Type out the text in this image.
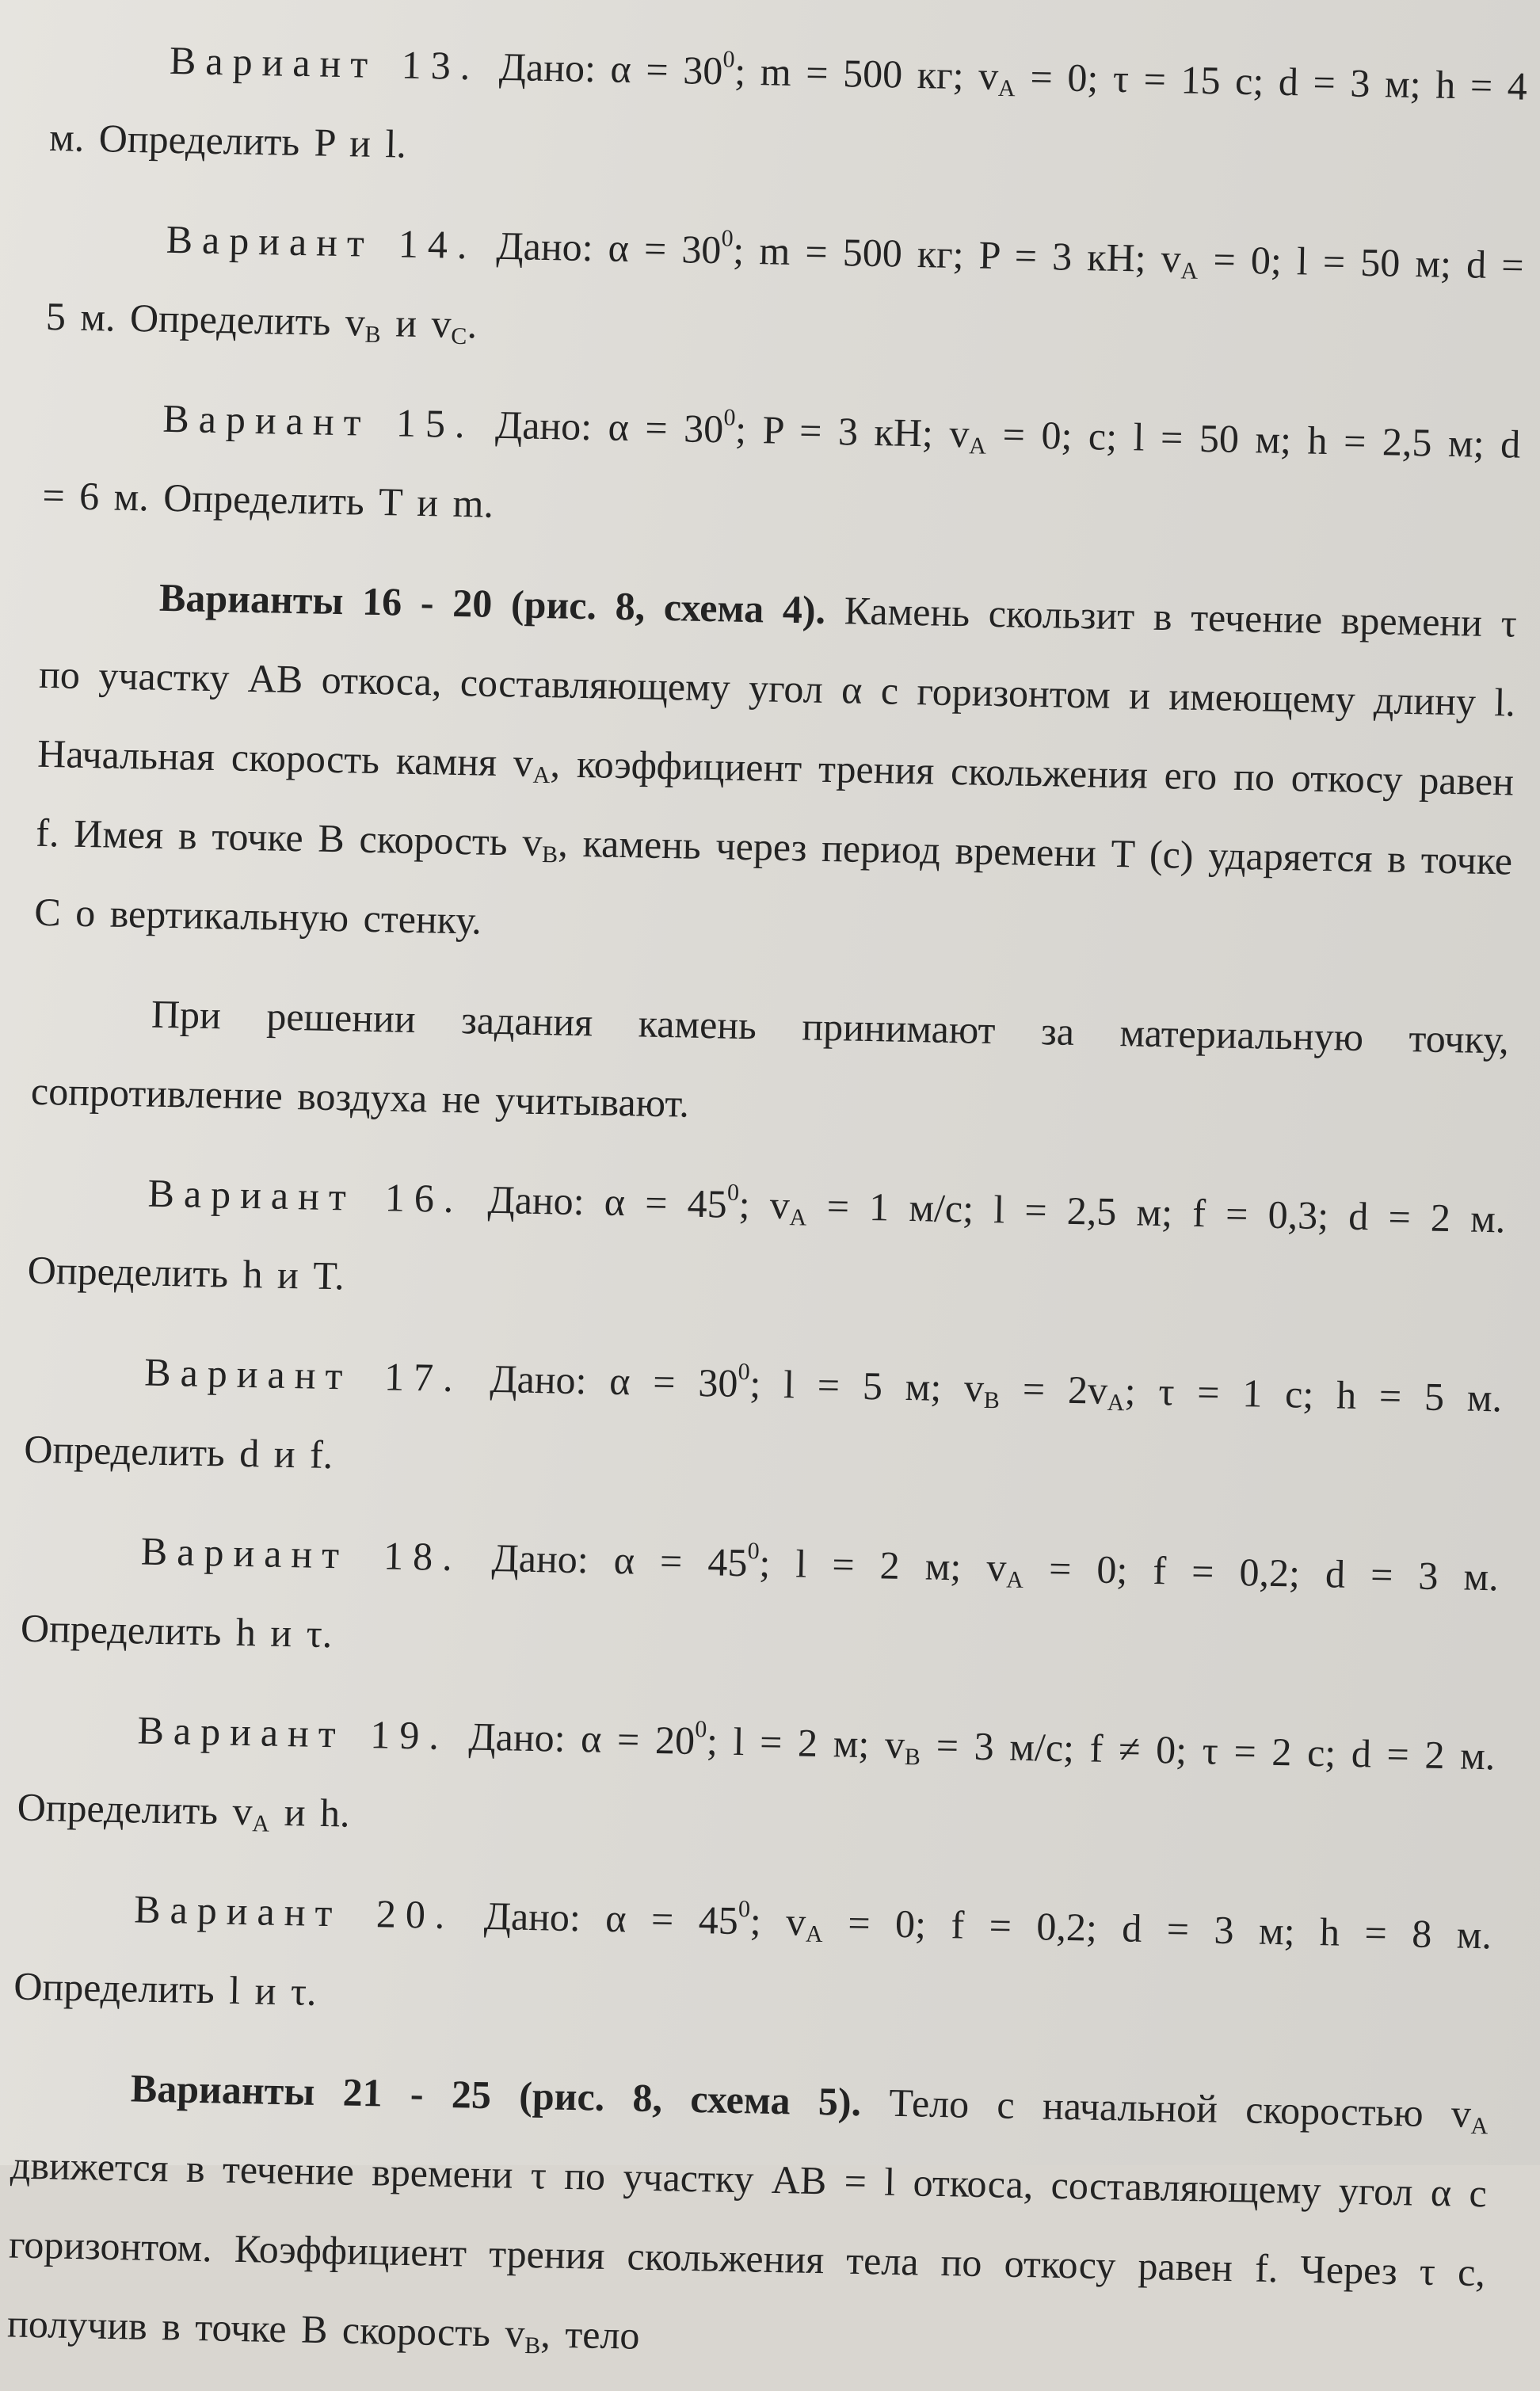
Вариант 13. Дано: $\alpha = 30^0$; m = 500 кг; $v_A = 0$; τ = 15 с; d = 3 м; h = 4 м. Определить P и l.

Вариант 14. Дано: $\alpha = 30^0$; m = 500 кг; P = 3 кН; $v_A = 0$; l = 50 м; d = 5 м. Определить $v_B$ и $v_C$.

Вариант 15. Дано: $\alpha = 30^0$; P = 3 кН; $v_A = 0$; c; l = 50 м; h = 2,5 м; d = 6 м. Определить T и m.

Варианты 16 - 20 (рис. 8, схема 4). Камень скользит в течение времени τ по участку AB откоса, составляющему угол α с горизонтом и имеющему длину l. Начальная скорость камня $v_A$, коэффициент трения скольжения его по откосу равен f. Имея в точке B скорость $v_B$, камень через период времени T (с) ударяется в точке C о вертикальную стенку.

При решении задания камень принимают за материальную точку, сопротивление воздуха не учитывают.

Вариант 16. Дано: $\alpha = 45^0$; $v_A = 1$ м/с; l = 2,5 м; f = 0,3; d = 2 м. Определить h и T.

Вариант 17. Дано: $\alpha = 30^0$; l = 5 м; $v_B = 2v_A$; τ = 1 с; h = 5 м. Определить d и f.

Вариант 18. Дано: $\alpha = 45^0$; l = 2 м; $v_A = 0$; f = 0,2; d = 3 м. Определить h и τ.

Вариант 19. Дано: $\alpha = 20^0$; l = 2 м; $v_B = 3$ м/с; f ≠ 0; τ = 2 с; d = 2 м. Определить $v_A$ и h.

Вариант 20. Дано: $\alpha = 45^0$; $v_A = 0$; f = 0,2; d = 3 м; h = 8 м. Определить l и τ.

Варианты 21 - 25 (рис. 8, схема 5). Тело с начальной скоростью $v_A$ движется в течение времени τ по участку AB = l откоса, составляющему угол α с горизонтом. Коэффициент трения скольжения тела по откосу равен f. Через τ с, получив в точке B скорость $v_B$, тело
